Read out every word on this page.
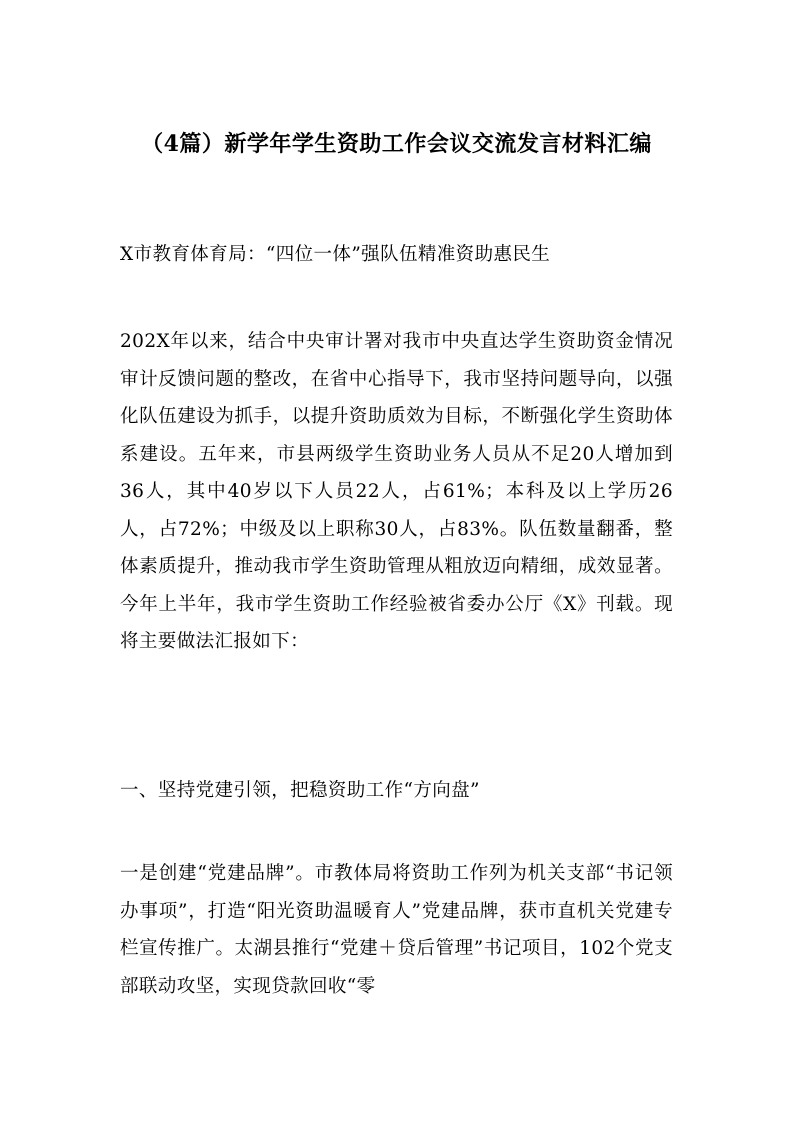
（4篇）新学年学生资助工作会议交流发言材料汇编
X市教育体育局：“四位一体”强队伍精准资助惠民生
202X年以来，结合中央审计署对我市中央直达学生资助资金情况审计反馈问题的整改，在省中心指导下，我市坚持问题导向，以强化队伍建设为抓手，以提升资助质效为目标，不断强化学生资助体系建设。五年来，市县两级学生资助业务人员从不足20人增加到36人，其中40岁以下人员22人，占61%；本科及以上学历26人，占72%；中级及以上职称30人，占83%。队伍数量翻番，整体素质提升，推动我市学生资助管理从粗放迈向精细，成效显著。今年上半年，我市学生资助工作经验被省委办公厅《X》刊载。现将主要做法汇报如下：
一、坚持党建引领，把稳资助工作“方向盘”
一是创建“党建品牌”。市教体局将资助工作列为机关支部“书记领办事项”，打造“阳光资助温暖育人”党建品牌，获市直机关党建专栏宣传推广。太湖县推行“党建＋贷后管理”书记项目，102个党支部联动攻坚，实现贷款回收“零
